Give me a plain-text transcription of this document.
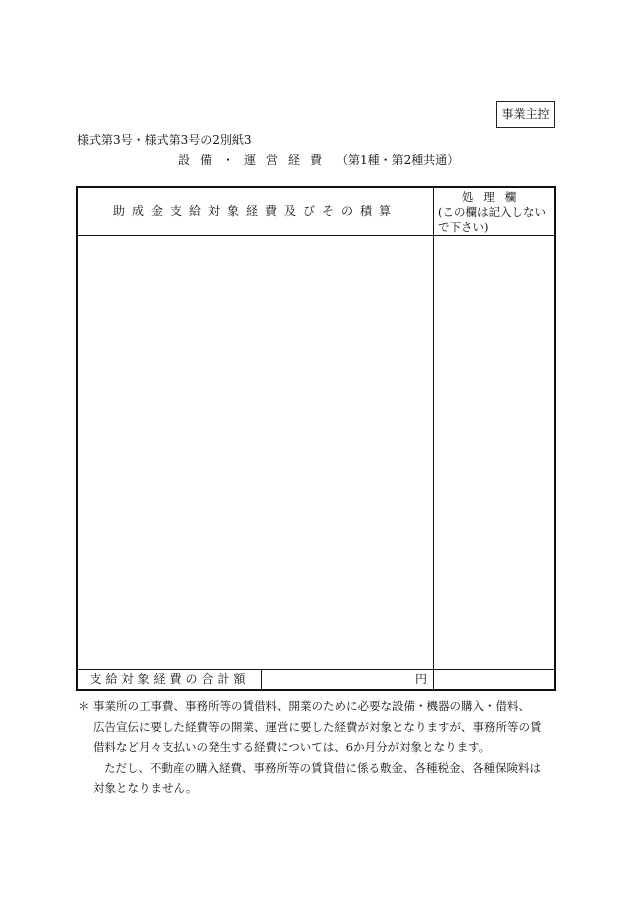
事業主控
様式第3号・様式第3号の2別紙3
設備・運営経費 （第1種・第2種共通）
助成金支給対象経費及びその積算
処理欄
(この欄は記入しない
で下さい)
支給対象経費の合計額	円
＊ 事業所の工事費、事務所等の賃借料、開業のために必要な設備・機器の購入・借料、
広告宣伝に要した経費等の開業、運営に要した経費が対象となりますが、事務所等の賃
借料など月々支払いの発生する経費については、6か月分が対象となります。
ただし、不動産の購入経費、事務所等の賃貸借に係る敷金、各種税金、各種保険料は
対象となりません。
